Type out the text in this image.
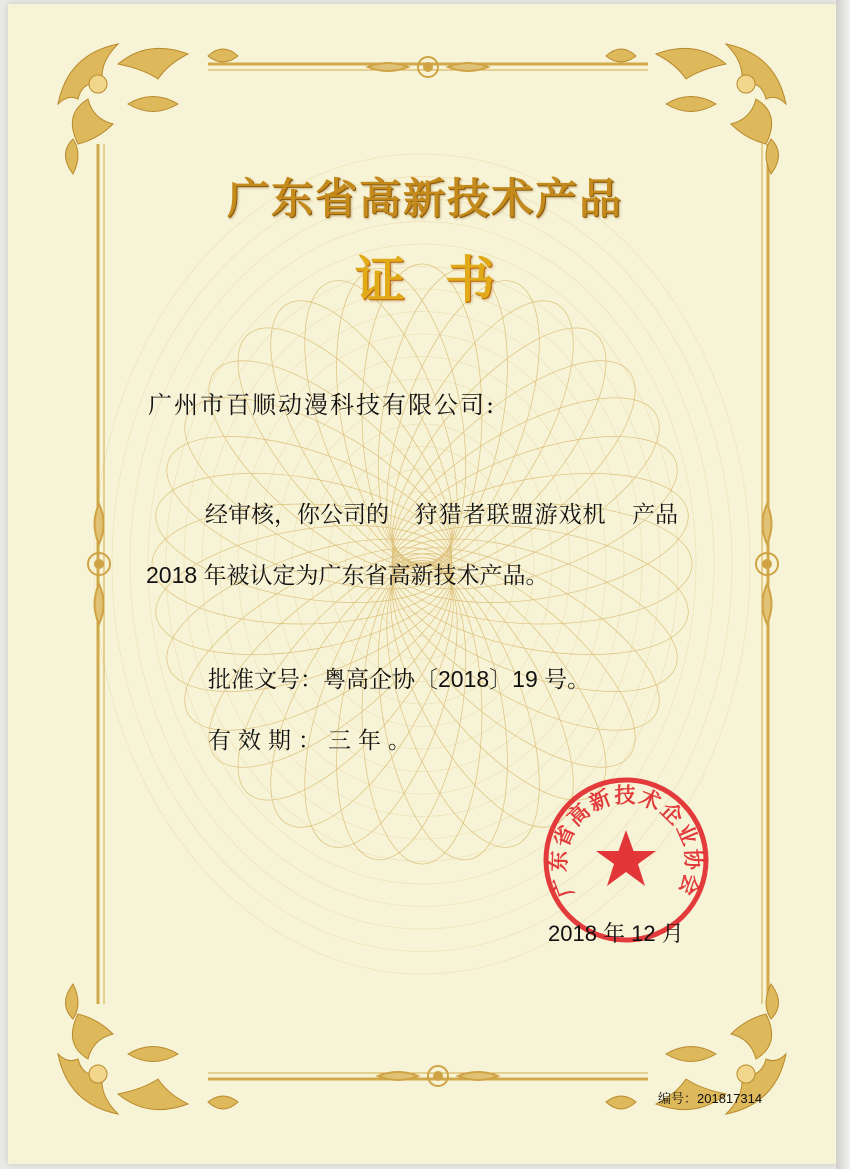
广东省高新技术企业协会
广东省高新技术产品
证书
广州市百顺动漫科技有限公司:
经审核，你公司的 狩猎者联盟游戏机 产品
2018 年被认定为广东省高新技术产品。
批准文号：粤高企协〔2018〕19 号。
有效期：三年。
2018 年 12 月
编号：201817314
